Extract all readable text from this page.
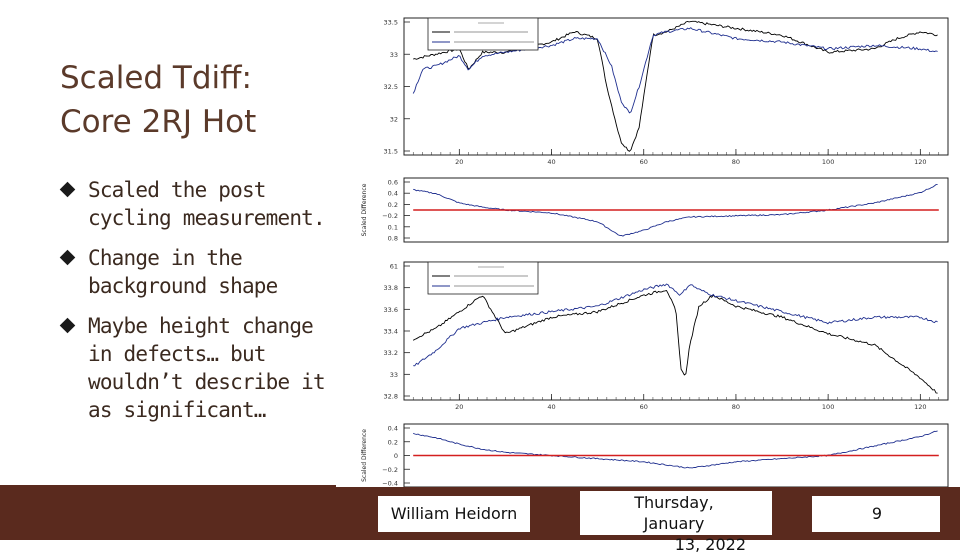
Scaled Tdiff:
Core 2RJ Hot
Scaled the post cycling measurement.
Change in the background shape
Maybe height change in defects… but wouldn’t describe it as significant…
20	40	60	80	100	120
33.5
33
32.5
32
31.5
0.6
0.4
0.2
−0.2
0.1
0.8
Scaled Difference
20	40	60	80	100	120
61
33.8
33.6
33.4
33.2
33
32.8
0.4
0.2
0
−0.2
−0.4
Scaled Difference
William Heidorn
Thursday, January
13, 2022
9
